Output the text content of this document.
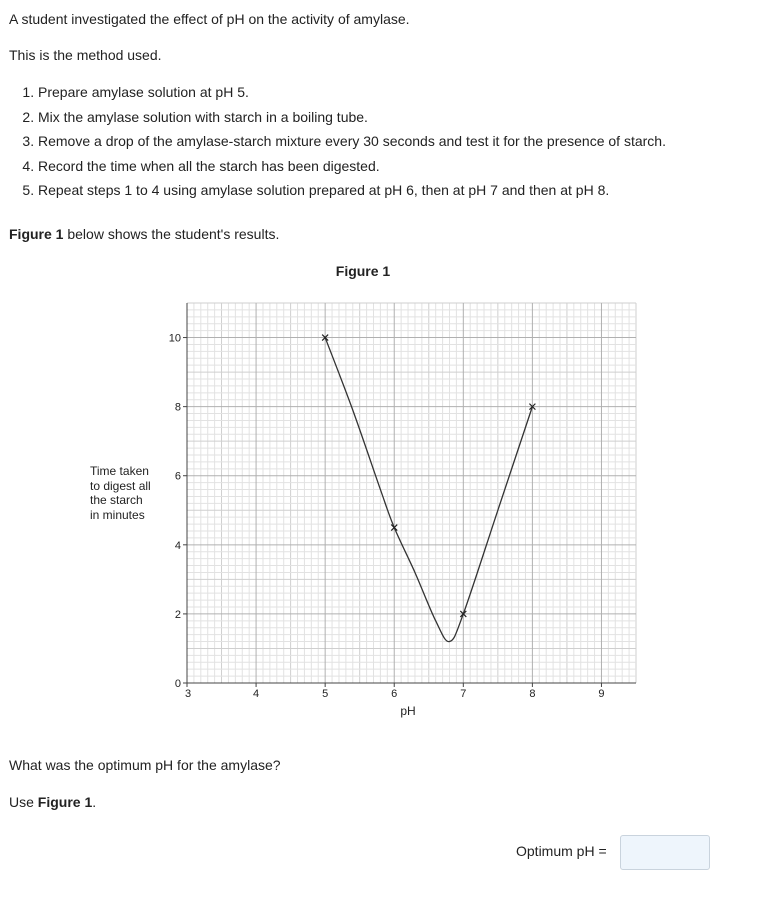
A student investigated the effect of pH on the activity of amylase.

This is the method used.

1. Prepare amylase solution at pH 5.
2. Mix the amylase solution with starch in a boiling tube.
3. Remove a drop of the amylase-starch mixture every 30 seconds and test it for the presence of starch.
4. Record the time when all the starch has been digested.
5. Repeat steps 1 to 4 using amylase solution prepared at pH 6, then at pH 7 and then at pH 8.

Figure 1 below shows the student's results.

Figure 1
Time taken
to digest all
the starch
in minutes
3	4	5	6	7	8	9
0
2
4
6
8
10
pH

What was the optimum pH for the amylase?

Use Figure 1.

Optimum pH =
